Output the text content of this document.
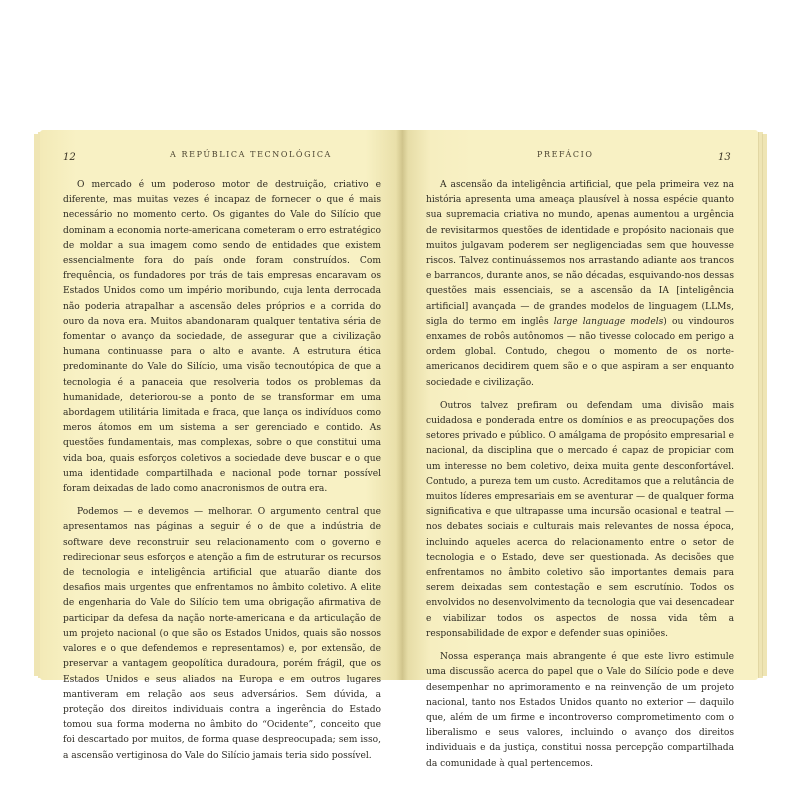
12	A REPÚBLICA TECNOLÓGICA	PREFÁCIO	13

O mercado é um poderoso motor de destruição, criativo e diferente, mas muitas vezes é incapaz de fornecer o que é mais necessário no momento certo. Os gigantes do Vale do Silício que dominam a economia norte-americana cometeram o erro estratégico de moldar a sua imagem como sendo de entidades que existem essencialmente fora do país onde foram construídos. Com frequência, os fundadores por trás de tais empresas encaravam os Estados Unidos como um império moribundo, cuja lenta derrocada não poderia atrapalhar a ascensão deles próprios e a corrida do ouro da nova era. Muitos abandonaram qualquer tentativa séria de fomentar o avanço da sociedade, de assegurar que a civilização humana continuasse para o alto e avante. A estrutura ética predominante do Vale do Silício, uma visão tecnoutópica de que a tecnologia é a panaceia que resolveria todos os problemas da humanidade, deteriorou-se a ponto de se transformar em uma abordagem utilitária limitada e fraca, que lança os indivíduos como meros átomos em um sistema a ser gerenciado e contido. As questões fundamentais, mas complexas, sobre o que constitui uma vida boa, quais esforços coletivos a sociedade deve buscar e o que uma identidade compartilhada e nacional pode tornar possível foram deixadas de lado como anacronismos de outra era.

Podemos — e devemos — melhorar. O argumento central que apresentamos nas páginas a seguir é o de que a indústria de software deve reconstruir seu relacionamento com o governo e redirecionar seus esforços e atenção a fim de estruturar os recursos de tecnologia e inteligência artificial que atuarão diante dos desafios mais urgentes que enfrentamos no âmbito coletivo. A elite de engenharia do Vale do Silício tem uma obrigação afirmativa de participar da defesa da nação norte-americana e da articulação de um projeto nacional (o que são os Estados Unidos, quais são nossos valores e o que defendemos e representamos) e, por extensão, de preservar a vantagem geopolítica duradoura, porém frágil, que os Estados Unidos e seus aliados na Europa e em outros lugares mantiveram em relação aos seus adversários. Sem dúvida, a proteção dos direitos individuais contra a ingerência do Estado tomou sua forma moderna no âmbito do “Ocidente”, conceito que foi descartado por muitos, de forma quase despreocupada; sem isso, a ascensão vertiginosa do Vale do Silício jamais teria sido possível.

A ascensão da inteligência artificial, que pela primeira vez na história apresenta uma ameaça plausível à nossa espécie quanto sua supremacia criativa no mundo, apenas aumentou a urgência de revisitarmos questões de identidade e propósito nacionais que muitos julgavam poderem ser negligenciadas sem que houvesse riscos. Talvez continuássemos nos arrastando adiante aos trancos e barrancos, durante anos, se não décadas, esquivando-nos dessas questões mais essenciais, se a ascensão da IA [inteligência artificial] avançada — de grandes modelos de linguagem (LLMs, sigla do termo em inglês large language models) ou vindouros enxames de robôs autônomos — não tivesse colocado em perigo a ordem global. Contudo, chegou o momento de os norte-americanos decidirem quem são e o que aspiram a ser enquanto sociedade e civilização.

Outros talvez prefiram ou defendam uma divisão mais cuidadosa e ponderada entre os domínios e as preocupações dos setores privado e público. O amálgama de propósito empresarial e nacional, da disciplina que o mercado é capaz de propiciar com um interesse no bem coletivo, deixa muita gente desconfortável. Contudo, a pureza tem um custo. Acreditamos que a relutância de muitos líderes empresariais em se aventurar — de qualquer forma significativa e que ultrapasse uma incursão ocasional e teatral — nos debates sociais e culturais mais relevantes de nossa época, incluindo aqueles acerca do relacionamento entre o setor de tecnologia e o Estado, deve ser questionada. As decisões que enfrentamos no âmbito coletivo são importantes demais para serem deixadas sem contestação e sem escrutínio. Todos os envolvidos no desenvolvimento da tecnologia que vai desencadear e viabilizar todos os aspectos de nossa vida têm a responsabilidade de expor e defender suas opiniões.

Nossa esperança mais abrangente é que este livro estimule uma discussão acerca do papel que o Vale do Silício pode e deve desempenhar no aprimoramento e na reinvenção de um projeto nacional, tanto nos Estados Unidos quanto no exterior — daquilo que, além de um firme e incontroverso comprometimento com o liberalismo e seus valores, incluindo o avanço dos direitos individuais e da justiça, constitui nossa percepção compartilhada da comunidade à qual pertencemos.
